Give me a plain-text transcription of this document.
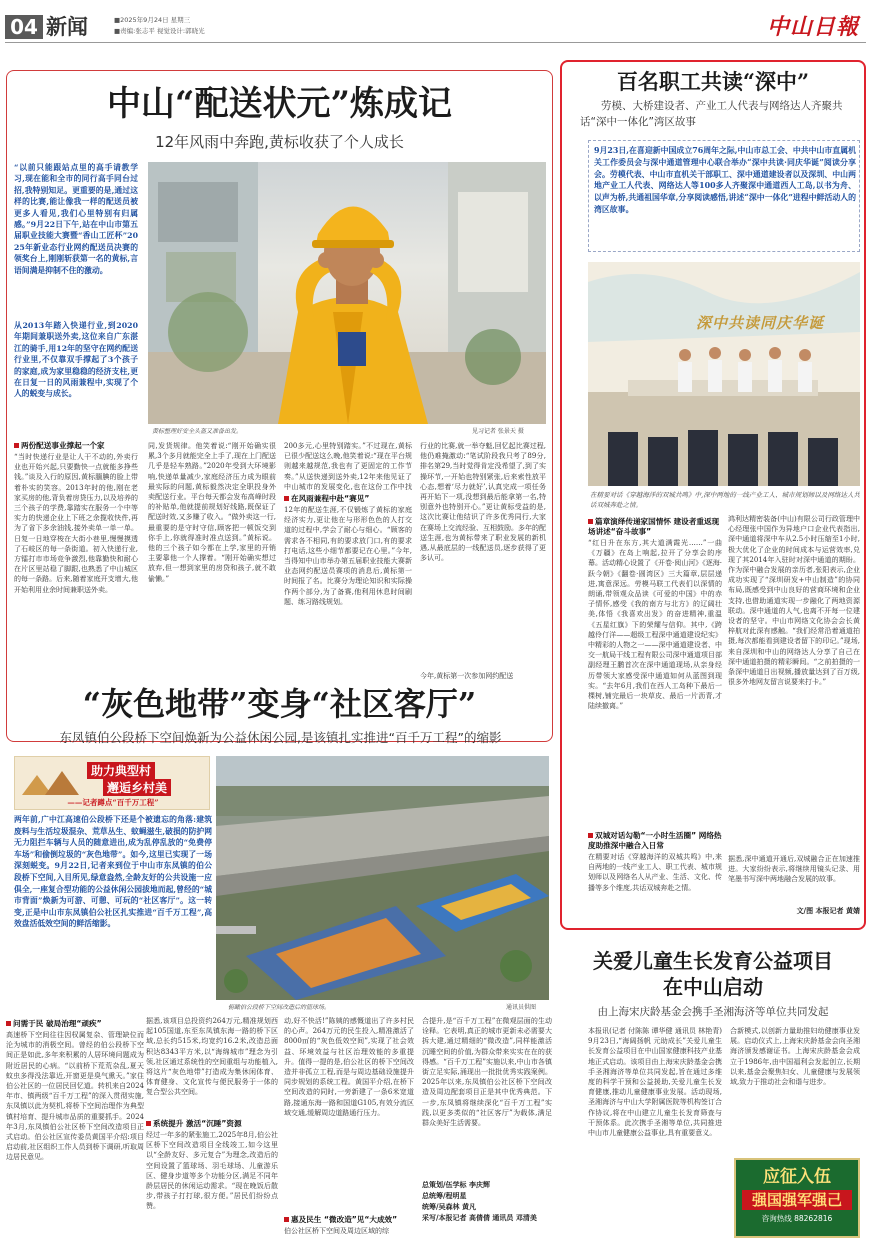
04 新闻	■2025年9月24日 星期三
■责编:张志平 视觉设计:郭晓光	中山日報
中山“配送状元”炼成记
12年风雨中奔跑,黄标收获了个人成长
“以前只能跟站点里的高手请教学习,现在能和全市的同行高手同台过招,我特别知足。更重要的是,通过这样的比赛,能让像我一样的配送员被更多人看见,我们心里特别有归属感。”9月22日下午,站在中山市第五届职业技能大赛暨“香山工匠杯”2025年新业态行业网约配送员决赛的领奖台上,刚刚斩获第一名的黄标,言语间满是抑制不住的激动。
从2013年踏入快递行业,到2020年期间兼职送外卖,这位来自广东湛江的骑手,用12年的坚守在网约配送行业里,不仅靠双手撑起了3个孩子的家庭,成为家里稳稳的经济支柱,更在日复一日的风雨兼程中,实现了个人的蜕变与成长。
黄标整理好安全头盔又准备出发。	见习记者 张景天 摄
两份配送事业撑起一个家
“当时快递行业是让人干不动的,外卖行业也开始兴起,只要勤快一点就能多挣些钱。”谈及入行的原因,黄标腼腆的脸上带着朴实的笑容。2013年时的他,刚在老家买房的他,背负着房贷压力,以及培养的三个孩子的学费,靠踏实在服务一个中等实力的快递企业上下班之余揽收快件,再为了省下多余油钱,接外卖单一单一单。日复一日地穿梭在大街小巷里,慢慢摸透了石岐区的每一条街道。初入快递行业,方镭打市市场竞争激烈,他靠勤快和耐心在片区里站稳了脚跟,也熟悉了中山城区的每一条路。后来,随着家庭开支增大,他开始利用业余时间兼职送外卖。
同,发货规律。他笑着说:“刚开始确实很累,3个多月就能完全上手了,现在上门配送几乎是轻车熟路。”2020年受到大环境影响,快递单量减少,家庭经济压力成为眼前最实际的问题,黄标毅然决定全职投身外卖配送行业。平台每天都会发布高峰时段的补贴单,他就提前规划好线路,既保证了配送时效,又多赚了收入。“做外卖这一行,最重要的是守时守信,顾客把一顿饭交到你手上,你就得准时准点送到。”黄标说。他的三个孩子如今都在上学,家里的开销主要靠他一个人撑着。“刚开始确实想过放弃,但一想到家里的房贷和孩子,就不敢偷懒。”
200多元,心里特别踏实。”不过现在,黄标已很少配送这么晚,他笑着说:“现在平台规则越来越规范,我也有了更固定的工作节奏。”从送快递到送外卖,12年来他见证了中山城市的发展变化,也在这份工作中找
在风雨兼程中赴“赛见”
12年的配送生涯,不仅锻炼了黄标的家庭经济实力,更让他在与形形色色的人打交道的过程中,学会了耐心与细心。“顾客的需求各不相同,有的要求放门口,有的要求打电话,这些小细节都要记在心里。”今年,当得知中山市举办第五届职业技能大赛新业态网约配送员赛项的消息后,黄标第一时间报了名。比赛分为理论知识和实际操作两个部分,为了备赛,他利用休息时间刷题、练习路线规划。
行业的比赛,就一举夺魁,回忆起比赛过程,他仍难掩激动:“笔试阶段我只考了89分,排名第29,当时觉得肯定没希望了,到了实操环节,一开始也特别紧张,后来索性放平心态,想着‘尽力就好’,认真完成一项任务再开始下一项,没想到最后能拿第一名,特别意外也特别开心。”更让黄标受益的是,这次比赛让他结识了许多优秀同行,大家在赛场上交流经验、互相鼓励。多年的配送生涯,也为黄标带来了职业发展的新机遇,从最底层的一线配送员,逐步获得了更多认可。
今年,黄标第一次参加网约配送
“灰色地带”变身“社区客厅”
东凤镇伯公段桥下空间焕新为公益休闲公园,是该镇扎实推进“百千万工程”的缩影
助力典型村
邂逅乡村美
——记者蹲点“百千万工程”
两年前,广中江高速伯公段桥下还是个被遗忘的角落:建筑废料与生活垃圾混杂、荒草丛生、蚊蝇滋生,破损的防护网无力阻拦车辆与人员的随意进出,成为乱停乱放的“免费停车场”和偷倒垃圾的“灰色地带”。如今,这里已实现了一场深刻蜕变。9月22日,记者来到位于中山市东凤镇的伯公段桥下空间,入目所见,绿意盎然,全龄友好的公共设施一应俱全,一座复合型功能的公益休闲公园拔地而起,曾经的“城市背面”焕新为可游、可憩、可玩的“社区客厅”。这一转变,正是中山市东凤镇伯公社区扎实推进“百千万工程”,高效盘活低效空间的鲜活缩影。
俯瞰伯公段桥下空间改造后的篮球场。	通讯员供图
问需于民 破局治理“顽疾”
高速桥下空间往往因权属复杂、管理缺位而沦为城市的消极空间。曾经的伯公段桥下空间正是如此,多年来积累的人居环境问题成为附近居民的心病。“以前桥下荒荒杂乱,夏天蚊虫多得没法靠近,开窗更是臭气熏天。”家住伯公社区的一位居民回忆道。转机来自2024年市、镇两级“百千万工程”的深入贯彻实施,东凤镇以此为契机,将桥下空间治理作为典型镇村培育、提升城市品质的重要抓手。2024年3月,东凤镇伯公社区桥下空间改造项目正式启动。伯公社区宣传委员黄国平介绍:项目启动前,社区组织工作人员到桥下调研,听取周边居民意见。
据悉,该项目总投资约264万元,精准规划西起105国道,东至东凤镇东海一路的桥下区域,总长约515米,均宽约16.2米,改造总面积达8343平方米,以“海绵城市”理念为引领,社区通过系统性的空间重组与功能植入,将这片“灰色地带”打造成为集休闲体育、体育健身、文化宣传与便民服务于一体的复合型公共空间。
系统提升 激活“沉睡”资源
经过一年多的紧张施工,2025年8月,伯公社区桥下空间改造项目全线竣工,如今这里以“全龄友好、多元复合”为理念,改造后的空间设置了篮球场、羽毛球场、儿童游乐区、健身步道等多个功能分区,满足不同年龄层居民的休闲运动需求。“现在晚饭后散步,带孩子打打球,很方便。”居民们纷纷点赞。
动,好不快活!”陈姨的感慨道出了许多村民的心声。264万元的民生投入,精准激活了8000㎡的“灰色低效空间”,实现了社会效益、环境效益与社区治理效能的多重提升。值得一提的是,伯公社区的桥下空间改造并非孤立工程,而是与周边基础设施提升同步规划的系统工程。黄国平介绍,在桥下空间改造的同时,一旁新建了一条6米宽道路,接通东海一路和国道G105,有效分流区域交通,缓解周边道路通行压力。
惠及民生 “微改造”见“大成效”
伯公社区桥下空间及周边区域的综
合提升,是“百千万工程”在微观层面的生动诠释。它表明,真正的城市更新未必需要大拆大建,通过精细的“微改造”,同样能激活沉睡空间的价值,为群众带来实实在在的获得感。“百千万工程”实施以来,中山市各镇街立足实际,涌现出一批批优秀实践案例。2025年以来,东凤镇伯公社区桥下空间改造及周边配套项目正是其中优秀典范。下一步,东凤镇将继续深化“百千万工程”实践,以更多类似的“社区客厅”为载体,满足群众美好生活需要。
总策划/伍学标 李庆辉
总统筹/程明星
统筹/吴森林 黄凡
采写/本报记者 高倩倩 通讯员 邓清美
百名职工共读“深中”
劳模、大桥建设者、产业工人代表与网络达人齐聚共话“深中一体化”湾区故事
9月23日,在喜迎新中国成立76周年之际,中山市总工会、中共中山市直属机关工作委员会与深中通道管理中心联合举办“深中共读·同庆华诞”阅读分享会。劳模代表、中山市直机关干部职工、深中通道建设者以及深圳、中山两地产业工人代表、网络达人等100多人齐聚深中通道西人工岛,以书为舟、以声为桥,共通祖国华章,分享阅读感悟,讲述“深中一体化”进程中鲜活动人的湾区故事。
深中共读同庆华诞
在精要对话《穿越海洋的双城共鸣》中,深中两地的一线产业工人、城市规划师以及网络达人共话双城奔赴之情。
篇章演绎传递家国情怀 建设者重返现场讲述“奋斗故事”
“红日升在东方,其大道满霞光……”一曲《万疆》在岛上响起,拉开了分享会的序幕。活动精心设置了《开卷·阅山河》《逐海·跃今朝》《翻卷·圆湾区》三大篇章,层层递进,寓意深远。劳模马联工代表们以深情的朗诵,带领观众品读《可爱的中国》中的赤子情怀,感受《我的南方与北方》的辽阔壮美,体悟《我喜欢出发》的奋进精神,重温《五星红旗》下的荣耀与信仰。其中,《跨越伶仃洋——超级工程深中通道建设纪实》中精彩的人物之一——深中通道建设者、中交一航局干线工程有限公司深中通道项目部副经理王鹏首次在深中通道现场,从亲身经历带领大家感受深中通道如何从蓝图到现实。“去年6月,我们在西人工岛种下最后一棵树,铺完最后一块草皮、最后一片沥青,才陆续撤离。”
双城对话勾勒“一小时生活圈” 网络热度助推深中融合入日常
在精要对话《穿越海洋的双城共鸣》中,来自两地的一线产业工人、职工代表、城市规划师以及网络名人从产业、生活、文化、传播等多个维度,共话双城奔赴之情。
鸿利达精密装备(中山)有限公司行政管理中心经理张中国作为异地户口企业代表指出,深中通道将深中车从2.5小时压缩至1小时,极大优化了企业的时间成本与运营效率,兑现了其2014年入驻时对深中通道的期盼。作为深中融合发展的亲历者,张阳表示,企业成功实现了“深圳研发+中山制造”的协同布局,既感受到中山良好的营商环境和企业支持,也借助通道实现一步融化了两地资源联动。深中通道的人气,也离不开每一位建设者的坚守。中山市网络文化协会会长黄梓航对此深有感触。“我们经常沿着通道拍摄,每次都能看到建设者留下的印记。”现场,来自深圳和中山的网络达人分享了自己在深中通道拍摄的精彩瞬间。“之前拍摄的一条深中通道日出视频,播放量达到了百万级,很多外地网友留言说要来打卡。”
据悉,深中通道开通后,双城融合正在加速推进。大家纷纷表示,将继续用镜头记录、用笔墨书写深中两地融合发展的故事。
文/图 本报记者 黄婧
关爱儿童生长发育公益项目
在中山启动
由上海宋庆龄基金会携手圣湘海济等单位共同发起
本报讯(记者 付陈陈 谭华健 通讯员 林艳青)9月23日,“海阔扬帆 元助成长”关爱儿童生长发育公益项目在中山国家健康科技产业基地正式启动。该项目由上海宋庆龄基金会携手圣湘海济等单位共同发起,旨在通过多维度的科学干预和公益援助,关爱儿童生长发育健康,推动儿童健康事业发展。活动现场,圣湘海济与中山大学附属医院等机构签订合作协议,将在中山建立儿童生长发育筛查与干预体系。此次携手圣湘等单位,共同推进中山市儿童健康公益事业,具有重要意义。
合新模式,以创新力量助推妇幼健康事业发展。启动仪式上,上海宋庆龄基金会向圣湘海济颁发感谢证书。上海宋庆龄基金会成立于1986年,由中国福利会发起创立,长期以来,基金会聚焦妇女、儿童健康与发展领域,致力于推动社会和谐与进步。
应征入伍
强国强军强己
咨询热线 88262816
